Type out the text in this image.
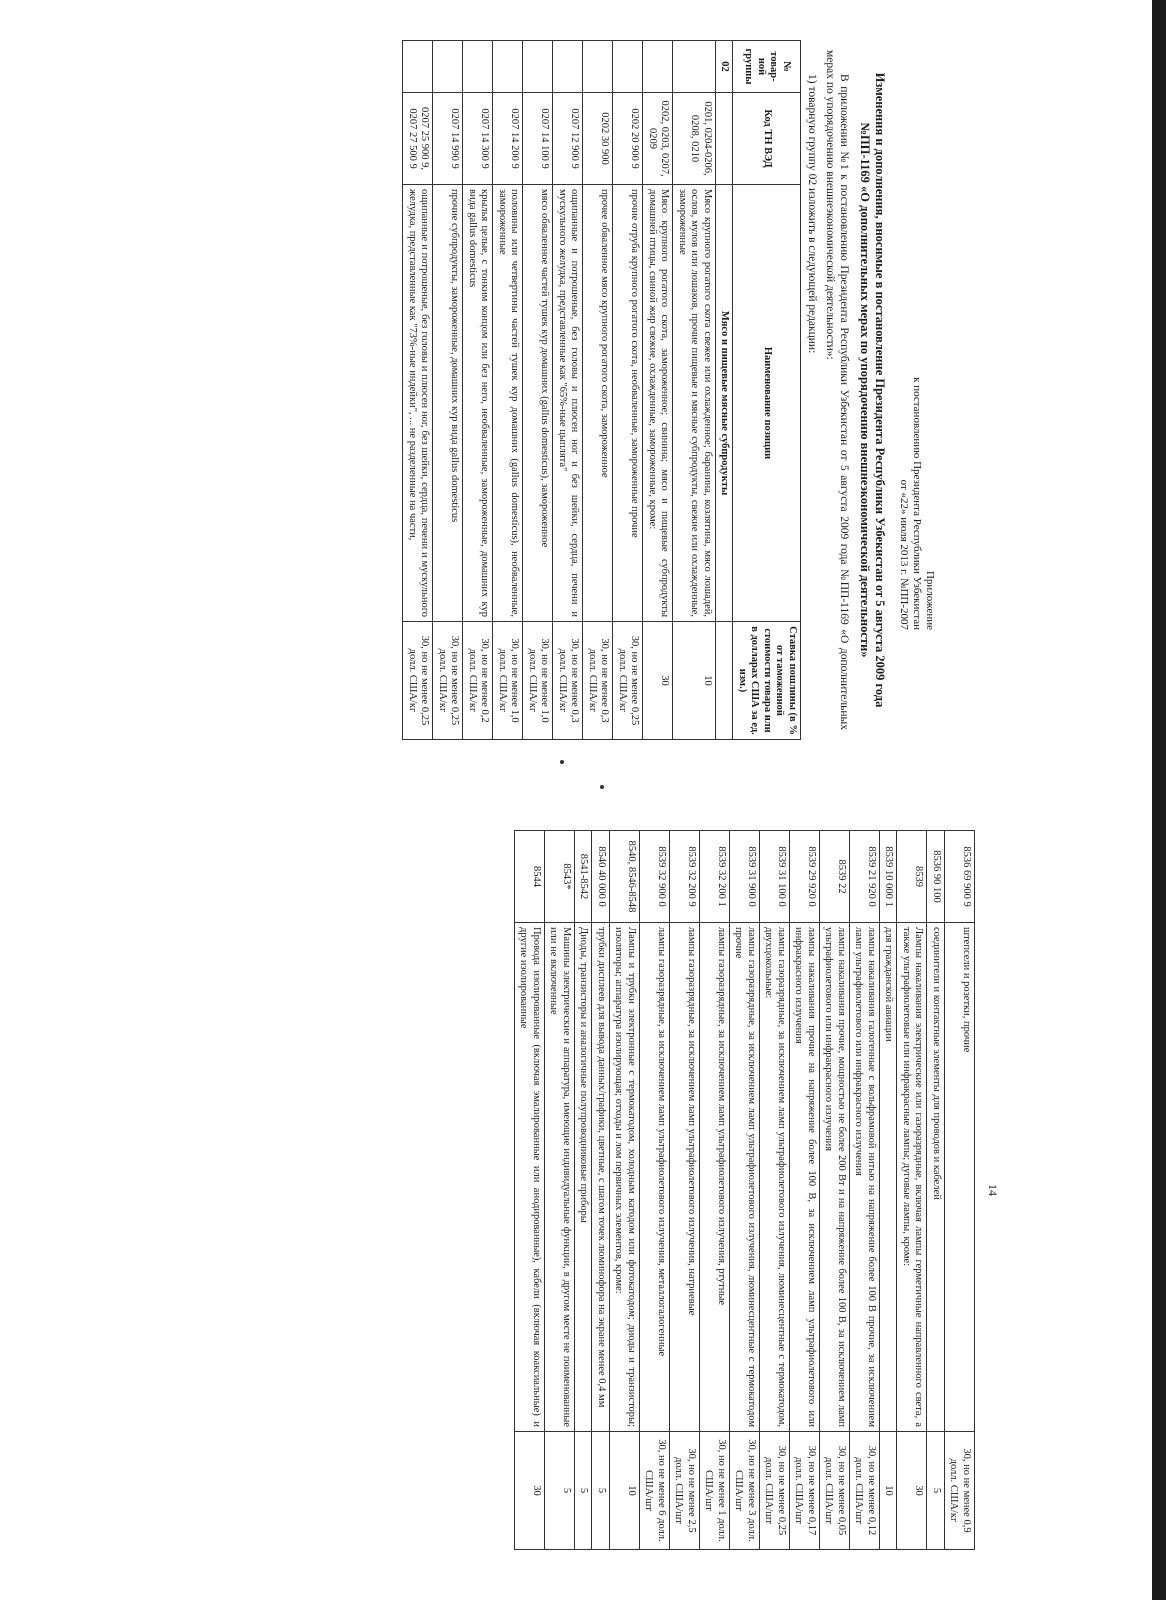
Приложение
к постановлению Президента Республики Узбекистан
от «22» июля 2013 г. №ПП-2007
Изменения и дополнения, вносимые в постановление Президента Республики Узбекистан от 5 августа 2009 года №ПП-1169 «О дополнительных мерах по упорядочению внешнеэкономической деятельности»

В приложении №1 к постановлению Президента Республики Узбекистан от 5 августа 2009 года №ПП-1169 «О дополнительных мерах по упорядочению внешнеэкономической деятельности»:

1) товарную группу 02 изложить в следующей редакции:

№ товар-ной группы	Код ТН ВЭД	Наименование позиции	Ставка пошлины (в % от таможенной стоимости товара или в долларах США за ед. изм.)
02		Мясо и пищевые мясные субпродукты	
	0201, 0204-0206, 0208, 0210	Мясо крупного рогатого скота свежее или охлажденное; баранина, козлятина, мясо лошадей, ослов, мулов или лошаков, прочие пищевые и мясные субпродукты, свежие или охлажденные, замороженные	10
	0202, 0203, 0207, 0209	Мясо крупного рогатого скота, замороженное; свинина; мясо и пищевые субпродукты домашней птицы, свиной жир свежие, охлажденные, замороженные, кроме:	30
	0202 20 900 9	прочие отруба крупного рогатого скота, необваленные, замороженные прочие	30, но не менее 0,25 долл. США/кг
	0202 30 900	прочее обваленное мясо крупного рогатого скота, замороженное	30, но не менее 0,3 долл. США/кг
	0207 12 900 9	ощипанные и потрошеные, без головы и плюсен ног и без шейки, сердца, печени и мускульного желудка, представленные как "65%-ные цыплята"	30, но не менее 0,3 долл. США/кг
	0207 14 100 9	мясо обваленное частей тушек кур домашних (gallus domesticus), замороженное	30, но не менее 1,0 долл. США/кг
	0207 14 200 9	половины или четвертины частей тушек кур домашних (gallus domesticus), необваленные, замороженные	30, но не менее 1,0 долл. США/кг
	0207 14 300 9	крылья целые, с тонким концом или без него, необваленные, замороженные, домашних кур вида gallus domesticus	30, но не менее 0,2 долл. США/кг
	0207 14 990 9	прочие субпродукты, замороженные, домашних кур вида gallus domesticus	30, но не менее 0,25 долл. США/кг
	0207 25 900 9, 0207 27 500 9	ощипанные и потрошеные, без головы и плюсен ног, без шейки, сердца, печени и мускульного желудка, представленные как "73%-ные индейки", ... не разделенные на части,	30, но не менее 0,25 долл. США/кг
14
8536 69 900 9	штепсели и розетки, прочие	30, но не менее 0,9 долл. США/кг
8536 90 100	соединители и контактные элементы для проводов и кабелей	5
8539	Лампы накаливания электрические или газоразрядные, включая лампы герметичные направленного света, а также ультрафиолетовые или инфракрасные лампы; дуговые лампы, кроме:	30
8539 10 000 1	для гражданской авиации	10
8539 21 920 0	лампы накаливания галогенные с вольфрамовой нитью на напряжение более 100 В прочие, за исключением ламп ультрафиолетового или инфракрасного излучения	30, но не менее 0,12 долл. США/шт
8539 22	лампы накаливания прочие, мощностью не более 200 Вт и на напряжение более 100 В, за исключением ламп ультрафиолетового или инфракрасного излучения	30, но не менее 0,05 долл. США/шт
8539 29 920 0	лампы накаливания прочие на напряжение более 100 В, за исключением ламп ультрафиолетового или инфракрасного излучения	30, но не менее 0,17 долл. США/шт
8539 31 100 0	лампы газоразрядные, за исключением ламп ультрафиолетового излучения, люминесцентные с термокатодом, двухцокольные:	30, но не менее 0,25 долл. США/шт
8539 31 900 0	лампы газоразрядные, за исключением ламп ультрафиолетового излучения, люминесцентные с термокатодом прочие	30, но не менее 3 долл. США/шт
8539 32 200 1	лампы газоразрядные, за исключением ламп ультрафиолетового излучения, ртутные	30, но не менее 1 долл. США/шт
8539 32 200 9	лампы газоразрядные, за исключением ламп ультрафиолетового излучения, натриевые	30, но не менее 2,5 долл. США/шт
8539 32 900 0	лампы газоразрядные, за исключением ламп ультрафиолетового излучения, металлогалогенные	30, но не менее 6 долл. США/шт
8540, 8546-8548	Лампы и трубки электронные с термокатодом, холодным катодом или фотокатодом; диоды и транзисторы; изоляторы; аппаратура изолирующая; отходы и лом первичных элементов, кроме:	10
8540 40 000 0	трубки дисплеев для вывода данных/графики, цветные, с шагом точек люминофора на экране менее 0,4 мм	5
8541-8542	Диоды, транзисторы и аналогичные полупроводниковые приборы	5
8543*	Машины электрические и аппаратура, имеющие индивидуальные функции, в другом месте не поименованные или не включенные	5
8544	Провода изолированные (включая эмалированные или анодированные), кабели (включая коаксиальные) и другие изолированные	30
